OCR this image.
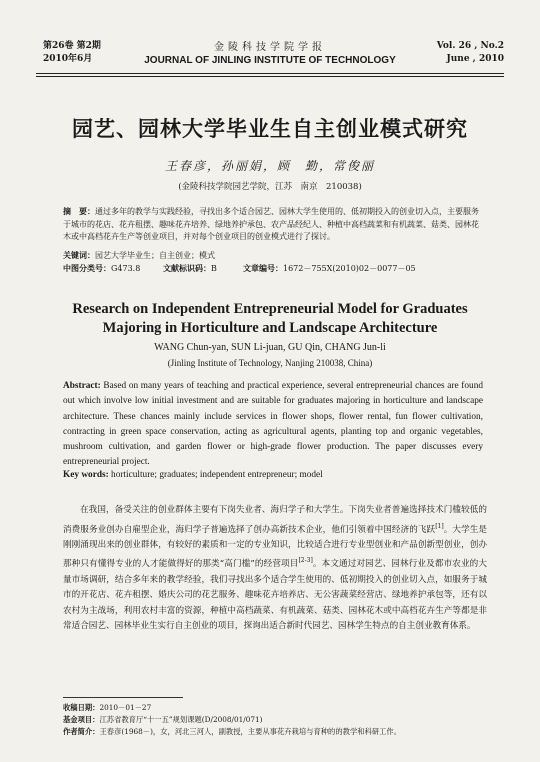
第26卷 第2期
2010年6月
金陵科技学院学报
JOURNAL OF JINLING INSTITUTE OF TECHNOLOGY
Vol. 26 , No.2
June , 2010
园艺、园林大学毕业生自主创业模式研究
王春彦，孙丽娟，顾　勤，常俊丽
(金陵科技学院园艺学院，江苏　南京　210038)
摘　要：通过多年的教学与实践经验，寻找出多个适合园艺、园林大学生使用的、低初期投入的创业切入点，主要服务于城市的花店、花卉租摆、趣味花卉培养、绿地养护承包、农产品经纪人、种植中高档蔬菜和有机蔬菜、菇类、园林花木或中高档花卉生产等创业项目，并对每个创业项目的创业模式进行了探讨。
关键词：园艺大学毕业生；自主创业；模式
中图分类号：G473.8	文献标识码：B	文章编号：1672－755X(2010)02－0077－05
Research on Independent Entrepreneurial Model for Graduates
Majoring in Horticulture and Landscape Architecture
WANG Chun-yan, SUN Li-juan, GU Qin, CHANG Jun-li
(Jinling Institute of Technology, Nanjing 210038, China)
Abstract: Based on many years of teaching and practical experience, several entrepreneurial chances are found out which involve low initial investment and are suitable for graduates majoring in horticulture and landscape architecture. These chances mainly include services in flower shops, flower rental, fun flower cultivation, contracting in green space conservation, acting as agricultural agents, planting top and organic vegetables, mushroom cultivation, and garden flower or high-grade flower production. The paper discusses every entrepreneurial project.
Key words: horticulture; graduates; independent entrepreneur; model
在我国，备受关注的创业群体主要有下岗失业者、海归学子和大学生。下岗失业者普遍选择技术门槛较低的消费服务业创办自雇型企业，海归学子普遍选择了创办高新技术企业，他们引领着中国经济的飞跃[1]。大学生是刚刚涌现出来的创业群体，有较好的素质和一定的专业知识，比较适合进行专业型创业和产品创新型创业，创办那种只有懂得专业的人才能做得好的那类“高门槛”的经营项目[2-3]。本文通过对园艺、园林行业及都市农业的大量市场调研，结合多年来的教学经验，我们寻找出多个适合学生使用的、低初期投入的创业切入点，如服务于城市的开花店、花卉租摆、婚庆公司的花艺服务、趣味花卉培养店、无公害蔬菜经营店、绿地养护承包等，还有以农村为主战场，利用农村丰富的资源，种植中高档蔬菜、有机蔬菜、菇类、园林花木或中高档花卉生产等都是非常适合园艺、园林毕业生实行自主创业的项目，探询出适合新时代园艺、园林学生特点的自主创业教育体系。
收稿日期：2010－01－27
基金项目：江苏省教育厅“十一五”规划课题(D/2008/01/071)
作者简介：王春彦(1968－)，女，河北三河人，副教授，主要从事花卉栽培与育种的的教学和科研工作。
